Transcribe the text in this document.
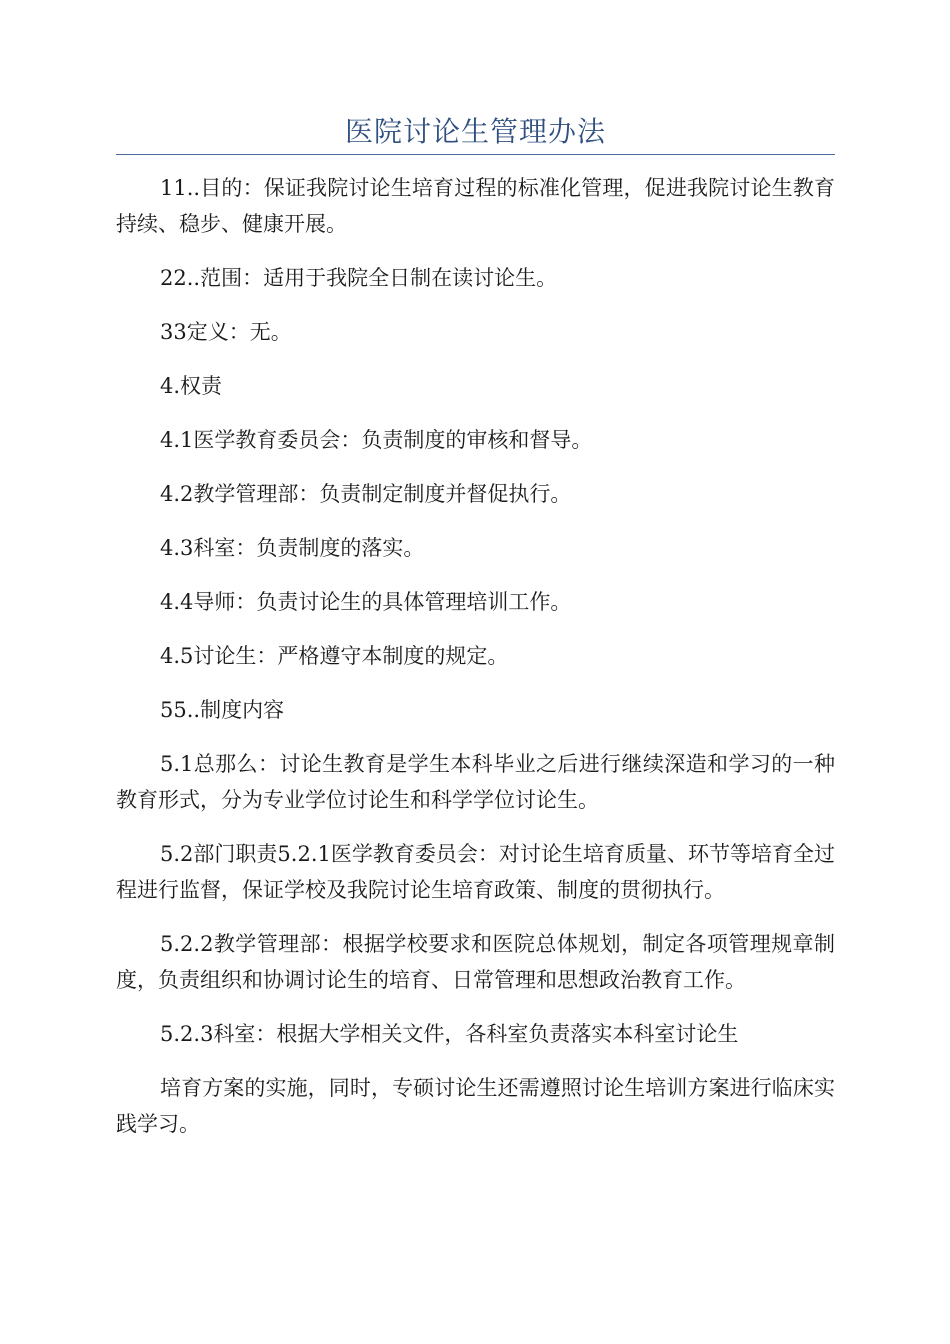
医院讨论生管理办法

11..目的：保证我院讨论生培育过程的标准化管理，促进我院讨论生教育持续、稳步、健康开展。

22..范围：适用于我院全日制在读讨论生。

33定义：无。

4.权责

4.1医学教育委员会：负责制度的审核和督导。

4.2教学管理部：负责制定制度并督促执行。

4.3科室：负责制度的落实。

4.4导师：负责讨论生的具体管理培训工作。

4.5讨论生：严格遵守本制度的规定。

55..制度内容

5.1总那么：讨论生教育是学生本科毕业之后进行继续深造和学习的一种教育形式，分为专业学位讨论生和科学学位讨论生。

5.2部门职责5.2.1医学教育委员会：对讨论生培育质量、环节等培育全过程进行监督，保证学校及我院讨论生培育政策、制度的贯彻执行。

5.2.2教学管理部：根据学校要求和医院总体规划，制定各项管理规章制度，负责组织和协调讨论生的培育、日常管理和思想政治教育工作。

5.2.3科室：根据大学相关文件，各科室负责落实本科室讨论生

培育方案的实施，同时，专硕讨论生还需遵照讨论生培训方案进行临床实践学习。
